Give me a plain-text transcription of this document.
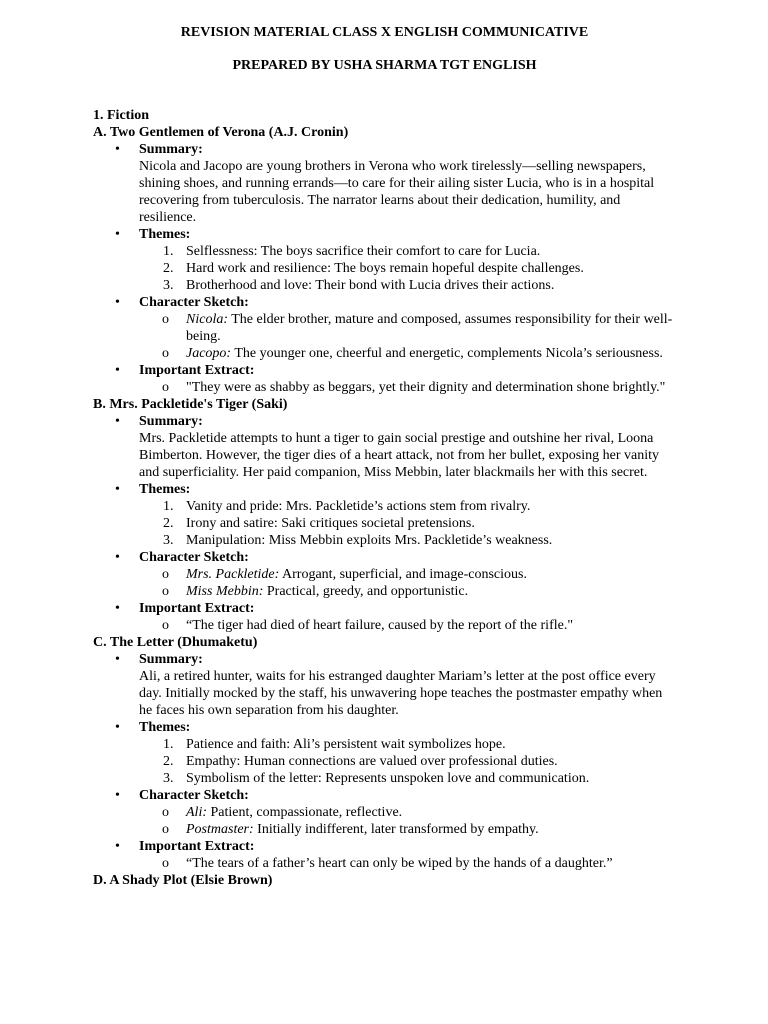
REVISION MATERIAL CLASS X ENGLISH COMMUNICATIVE
PREPARED BY USHA SHARMA TGT ENGLISH
1. Fiction
A. Two Gentlemen of Verona (A.J. Cronin)
• Summary:
Nicola and Jacopo are young brothers in Verona who work tirelessly—selling newspapers, shining shoes, and running errands—to care for their ailing sister Lucia, who is in a hospital recovering from tuberculosis. The narrator learns about their dedication, humility, and resilience.
• Themes:
1. Selflessness: The boys sacrifice their comfort to care for Lucia.
2. Hard work and resilience: The boys remain hopeful despite challenges.
3. Brotherhood and love: Their bond with Lucia drives their actions.
• Character Sketch:
o Nicola: The elder brother, mature and composed, assumes responsibility for their well-being.
o Jacopo: The younger one, cheerful and energetic, complements Nicola’s seriousness.
• Important Extract:
o "They were as shabby as beggars, yet their dignity and determination shone brightly."
B. Mrs. Packletide's Tiger (Saki)
• Summary:
Mrs. Packletide attempts to hunt a tiger to gain social prestige and outshine her rival, Loona Bimberton. However, the tiger dies of a heart attack, not from her bullet, exposing her vanity and superficiality. Her paid companion, Miss Mebbin, later blackmails her with this secret.
• Themes:
1. Vanity and pride: Mrs. Packletide’s actions stem from rivalry.
2. Irony and satire: Saki critiques societal pretensions.
3. Manipulation: Miss Mebbin exploits Mrs. Packletide’s weakness.
• Character Sketch:
o Mrs. Packletide: Arrogant, superficial, and image-conscious.
o Miss Mebbin: Practical, greedy, and opportunistic.
• Important Extract:
o “The tiger had died of heart failure, caused by the report of the rifle."
C. The Letter (Dhumaketu)
• Summary:
Ali, a retired hunter, waits for his estranged daughter Mariam’s letter at the post office every day. Initially mocked by the staff, his unwavering hope teaches the postmaster empathy when he faces his own separation from his daughter.
• Themes:
1. Patience and faith: Ali’s persistent wait symbolizes hope.
2. Empathy: Human connections are valued over professional duties.
3. Symbolism of the letter: Represents unspoken love and communication.
• Character Sketch:
o Ali: Patient, compassionate, reflective.
o Postmaster: Initially indifferent, later transformed by empathy.
• Important Extract:
o “The tears of a father’s heart can only be wiped by the hands of a daughter.”
D. A Shady Plot (Elsie Brown)
